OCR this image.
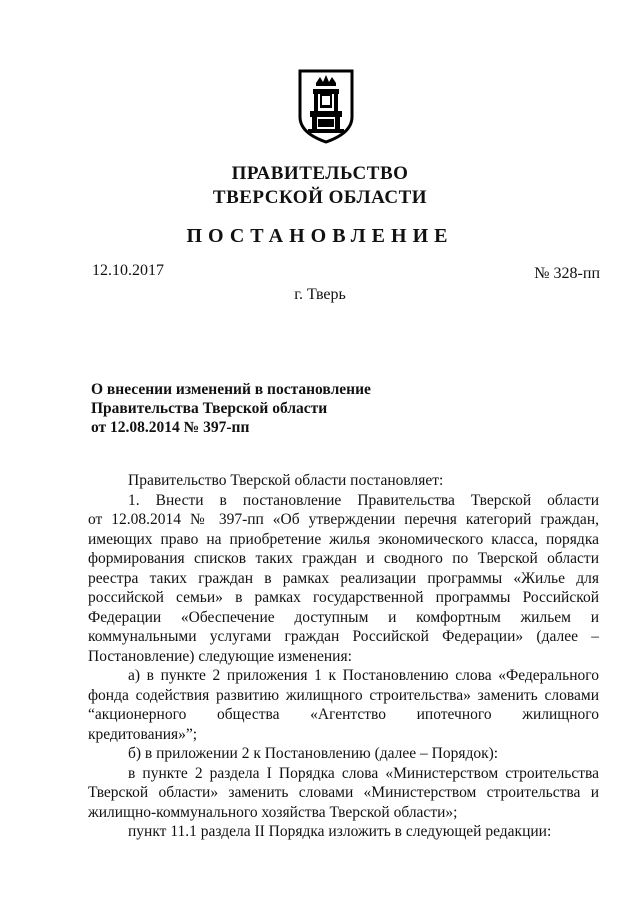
ПРАВИТЕЛЬСТВО
ТВЕРСКОЙ ОБЛАСТИ
ПОСТАНОВЛЕНИЕ
12.10.2017	№ 328-пп
г. Тверь
О внесении изменений в постановление
Правительства Тверской области
от 12.08.2014 № 397-пп
Правительство Тверской области постановляет:
1. Внести в постановление Правительства Тверской области
от 12.08.2014 № 397-пп «Об утверждении перечня категорий граждан,
имеющих право на приобретение жилья экономического класса, порядка
формирования списков таких граждан и сводного по Тверской области
реестра таких граждан в рамках реализации программы «Жилье для
российской семьи» в рамках государственной программы Российской
Федерации «Обеспечение доступным и комфортным жильем и
коммунальными услугами граждан Российской Федерации» (далее –
Постановление) следующие изменения:
а) в пункте 2 приложения 1 к Постановлению слова «Федерального
фонда содействия развитию жилищного строительства» заменить словами
“акционерного общества «Агентство ипотечного жилищного
кредитования»”;
б) в приложении 2 к Постановлению (далее – Порядок):
в пункте 2 раздела I Порядка слова «Министерством строительства
Тверской области» заменить словами «Министерством строительства и
жилищно-коммунального хозяйства Тверской области»;
пункт 11.1 раздела II Порядка изложить в следующей редакции:
